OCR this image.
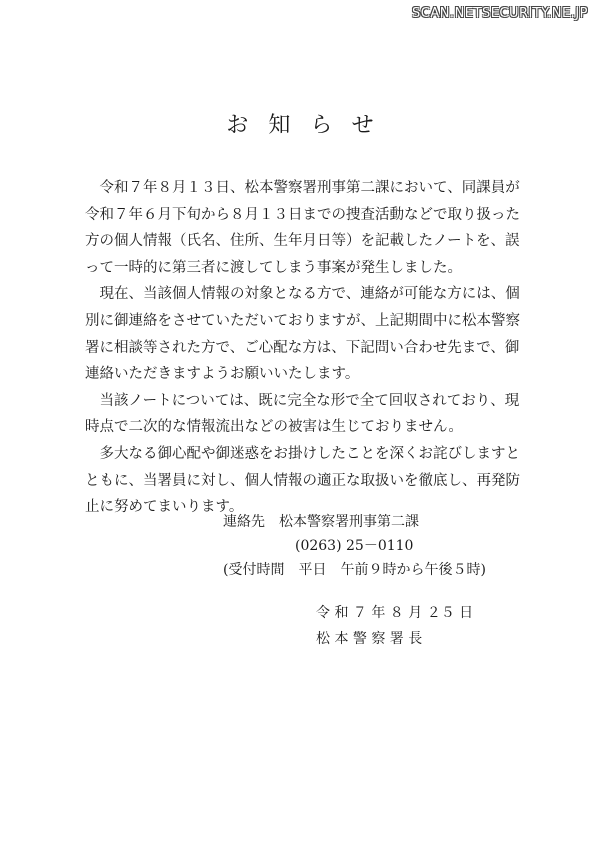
SCAN.NETSECURITY.NE.JP
お知らせ

令和７年８月１３日、松本警察署刑事第二課において、同課員が令和７年６月下旬から８月１３日までの捜査活動などで取り扱った方の個人情報（氏名、住所、生年月日等）を記載したノートを、誤って一時的に第三者に渡してしまう事案が発生しました。

現在、当該個人情報の対象となる方で、連絡が可能な方には、個別に御連絡をさせていただいておりますが、上記期間中に松本警察署に相談等された方で、ご心配な方は、下記問い合わせ先まで、御連絡いただきますようお願いいたします。

当該ノートについては、既に完全な形で全て回収されており、現時点で二次的な情報流出などの被害は生じておりません。

多大なる御心配や御迷惑をお掛けしたことを深くお詫びしますとともに、当署員に対し、個人情報の適正な取扱いを徹底し、再発防止に努めてまいります。

連絡先　松本警察署刑事第二課
(0263) 25－0110
(受付時間　平日　午前９時から午後５時)
令 和 ７ 年 ８ 月 ２５ 日
松 本 警 察 署 長
